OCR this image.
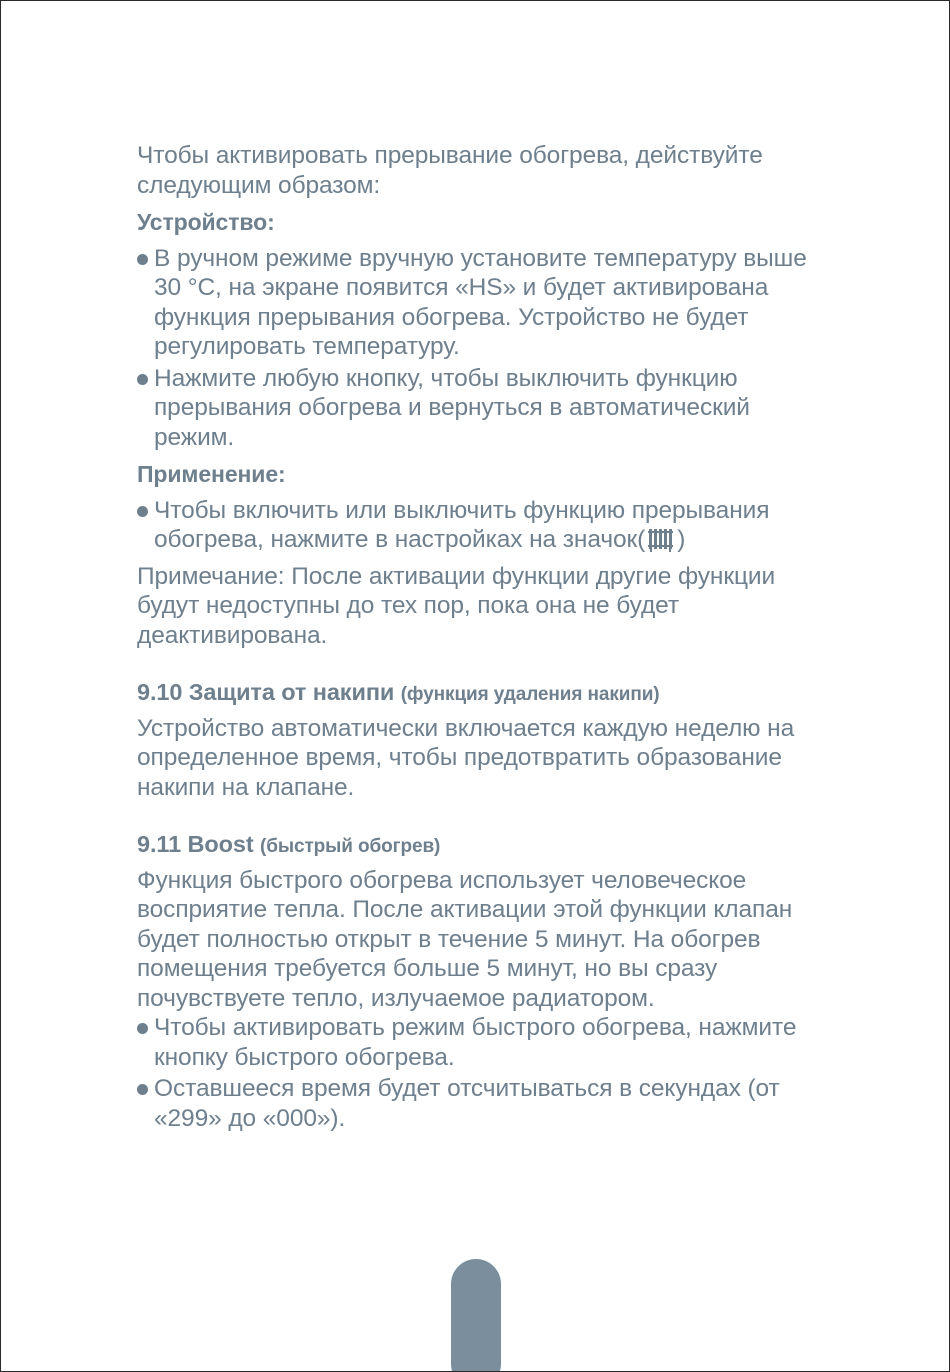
Чтобы активировать прерывание обогрева, действуйте следующим образом:

Устройство:

В ручном режиме вручную установите температуру выше 30 °C, на экране появится «HS» и будет активирована функция прерывания обогрева. Устройство не будет регулировать температуру.
Нажмите любую кнопку, чтобы выключить функцию прерывания обогрева и вернуться в автоматический режим.

Применение:

Чтобы включить или выключить функцию прерывания обогрева, нажмите в настройках на значок( )

Примечание: После активации функции другие функции будут недоступны до тех пор, пока она не будет деактивирована.

9.10 Защита от накипи (функция удаления накипи)

Устройство автоматически включается каждую неделю на определенное время, чтобы предотвратить образование накипи на клапане.

9.11 Boost (быстрый обогрев)

Функция быстрого обогрева использует человеческое восприятие тепла. После активации этой функции клапан будет полностью открыт в течение 5 минут. На обогрев помещения требуется больше 5 минут, но вы сразу почувствуете тепло, излучаемое радиатором.

Чтобы активировать режим быстрого обогрева, нажмите кнопку быстрого обогрева.
Оставшееся время будет отсчитываться в секундах (от «299» до «000»).
